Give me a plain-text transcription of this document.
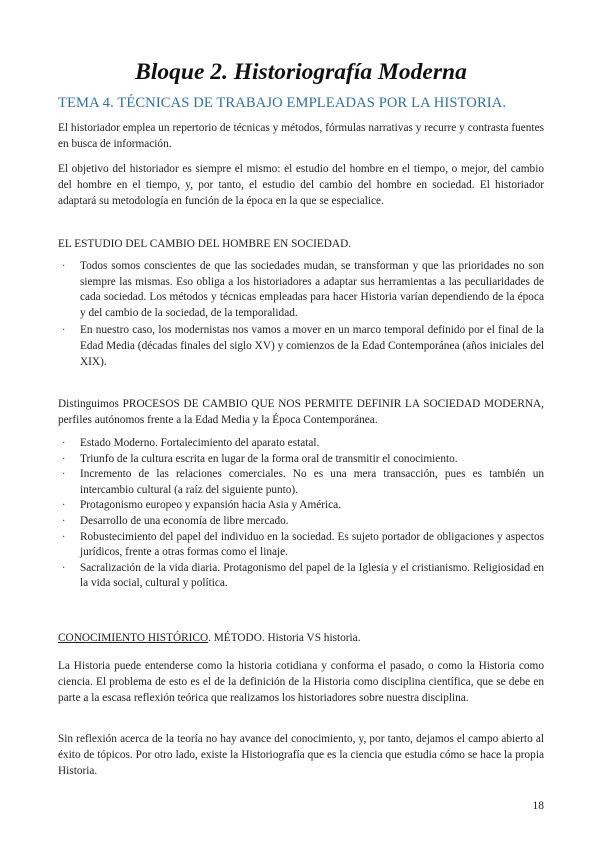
Bloque 2. Historiografía Moderna
TEMA 4. TÉCNICAS DE TRABAJO EMPLEADAS POR LA HISTORIA.

El historiador emplea un repertorio de técnicas y métodos, fórmulas narrativas y recurre y contrasta fuentes en busca de información.

El objetivo del historiador es siempre el mismo: el estudio del hombre en el tiempo, o mejor, del cambio del hombre en el tiempo, y, por tanto, el estudio del cambio del hombre en sociedad. El historiador adaptará su metodología en función de la época en la que se especialice.

EL ESTUDIO DEL CAMBIO DEL HOMBRE EN SOCIEDAD.

· Todos somos conscientes de que las sociedades mudan, se transforman y que las prioridades no son siempre las mismas. Eso obliga a los historiadores a adaptar sus herramientas a las peculiaridades de cada sociedad. Los métodos y técnicas empleadas para hacer Historia varían dependiendo de la época y del cambio de la sociedad, de la temporalidad.
· En nuestro caso, los modernistas nos vamos a mover en un marco temporal definido por el final de la Edad Media (décadas finales del siglo XV) y comienzos de la Edad Contemporánea (años iniciales del XIX).

Distinguimos PROCESOS DE CAMBIO QUE NOS PERMITE DEFINIR LA SOCIEDAD MODERNA, perfiles autónomos frente a la Edad Media y la Época Contemporánea.

· Estado Moderno. Fortalecimiento del aparato estatal.
· Triunfo de la cultura escrita en lugar de la forma oral de transmitir el conocimiento.
· Incremento de las relaciones comerciales. No es una mera transacción, pues es también un intercambio cultural (a raíz del siguiente punto).
· Protagonismo europeo y expansión hacia Asia y América.
· Desarrollo de una economía de libre mercado.
· Robustecimiento del papel del individuo en la sociedad. Es sujeto portador de obligaciones y aspectos jurídicos, frente a otras formas como el linaje.
· Sacralización de la vida diaria. Protagonismo del papel de la Iglesia y el cristianismo. Religiosidad en la vida social, cultural y política.

CONOCIMIENTO HISTÓRICO. MÉTODO. Historia VS historia.

La Historia puede entenderse como la historia cotidiana y conforma el pasado, o como la Historia como ciencia. El problema de esto es el de la definición de la Historia como disciplina científica, que se debe en parte a la escasa reflexión teórica que realizamos los historiadores sobre nuestra disciplina.

Sin reflexión acerca de la teoría no hay avance del conocimiento, y, por tanto, dejamos el campo abierto al éxito de tópicos. Por otro lado, existe la Historiografía que es la ciencia que estudia cómo se hace la propia Historia.

18
